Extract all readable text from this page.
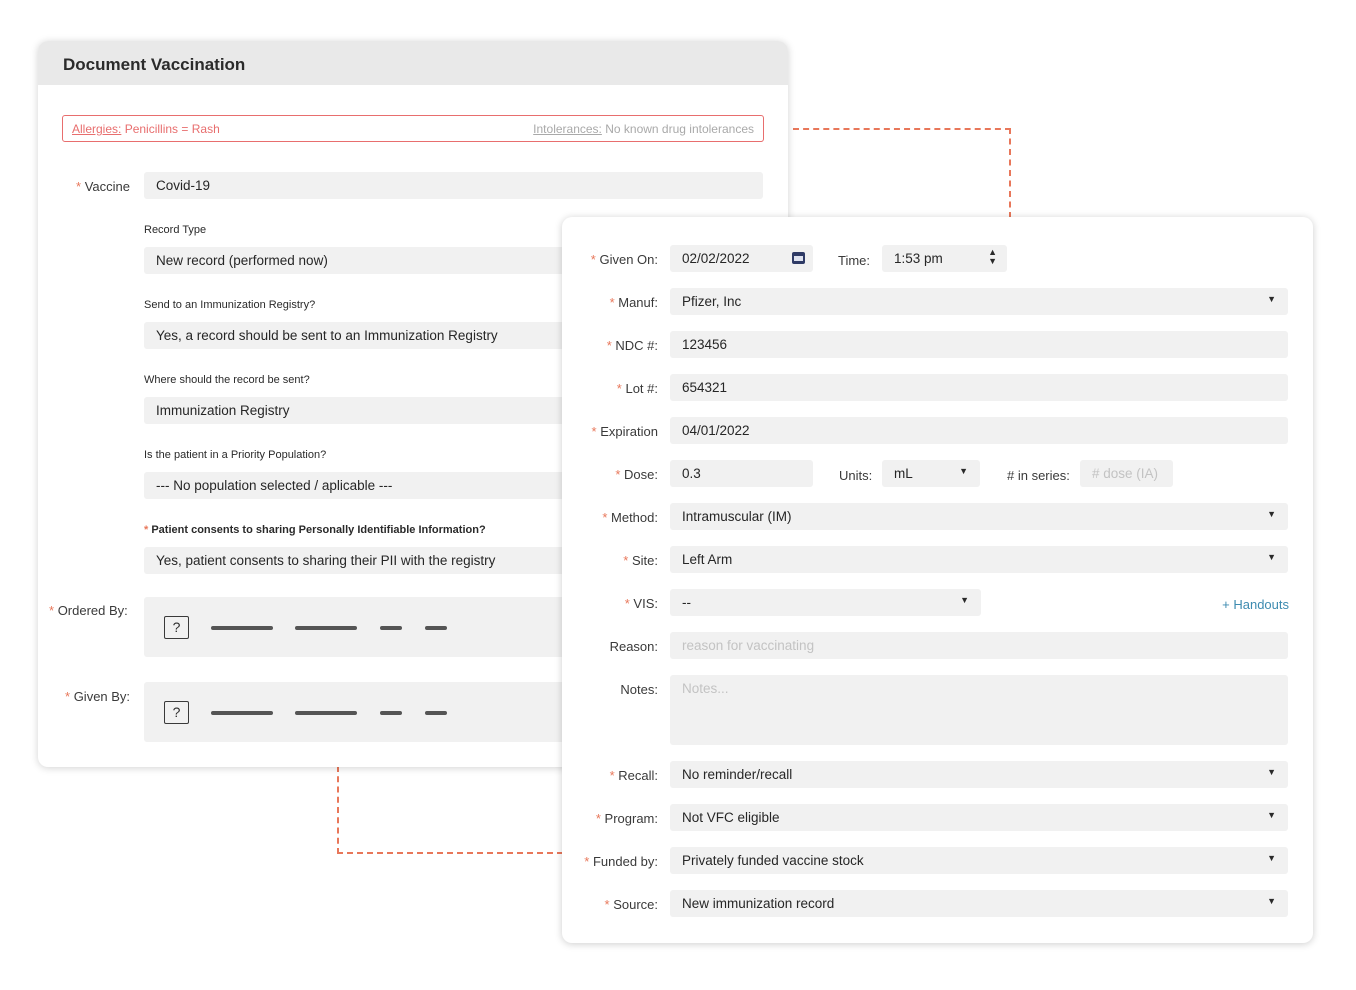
Document Vaccination
Allergies: Penicillins = Rash	Intolerances: No known drug intolerances
* Vaccine	Covid-19
Record Type
New record (performed now)
Send to an Immunization Registry?
Yes, a record should be sent to an Immunization Registry
Where should the record be sent?
Immunization Registry
Is the patient in a Priority Population?
--- No population selected / aplicable ---
* Patient consents to sharing Personally Identifiable Information?
Yes, patient consents to sharing their PII with the registry
* Ordered By:
?
* Given By:
?
* Given On:	02/02/2022	Time:	1:53 pm	▲
▼
* Manuf:	Pfizer, Inc	▼
* NDC #:	123456
* Lot #:	654321
* Expiration	04/01/2022
* Dose:	0.3	Units:	mL	▼	# in series:	# dose (IA)
* Method:	Intramuscular (IM)	▼
* Site:	Left Arm	▼
* VIS:	--	▼	+ Handouts
Reason:	reason for vaccinating
Notes:	Notes...
* Recall:	No reminder/recall	▼
* Program:	Not VFC eligible	▼
* Funded by:	Privately funded vaccine stock	▼
* Source:	New immunization record	▼
